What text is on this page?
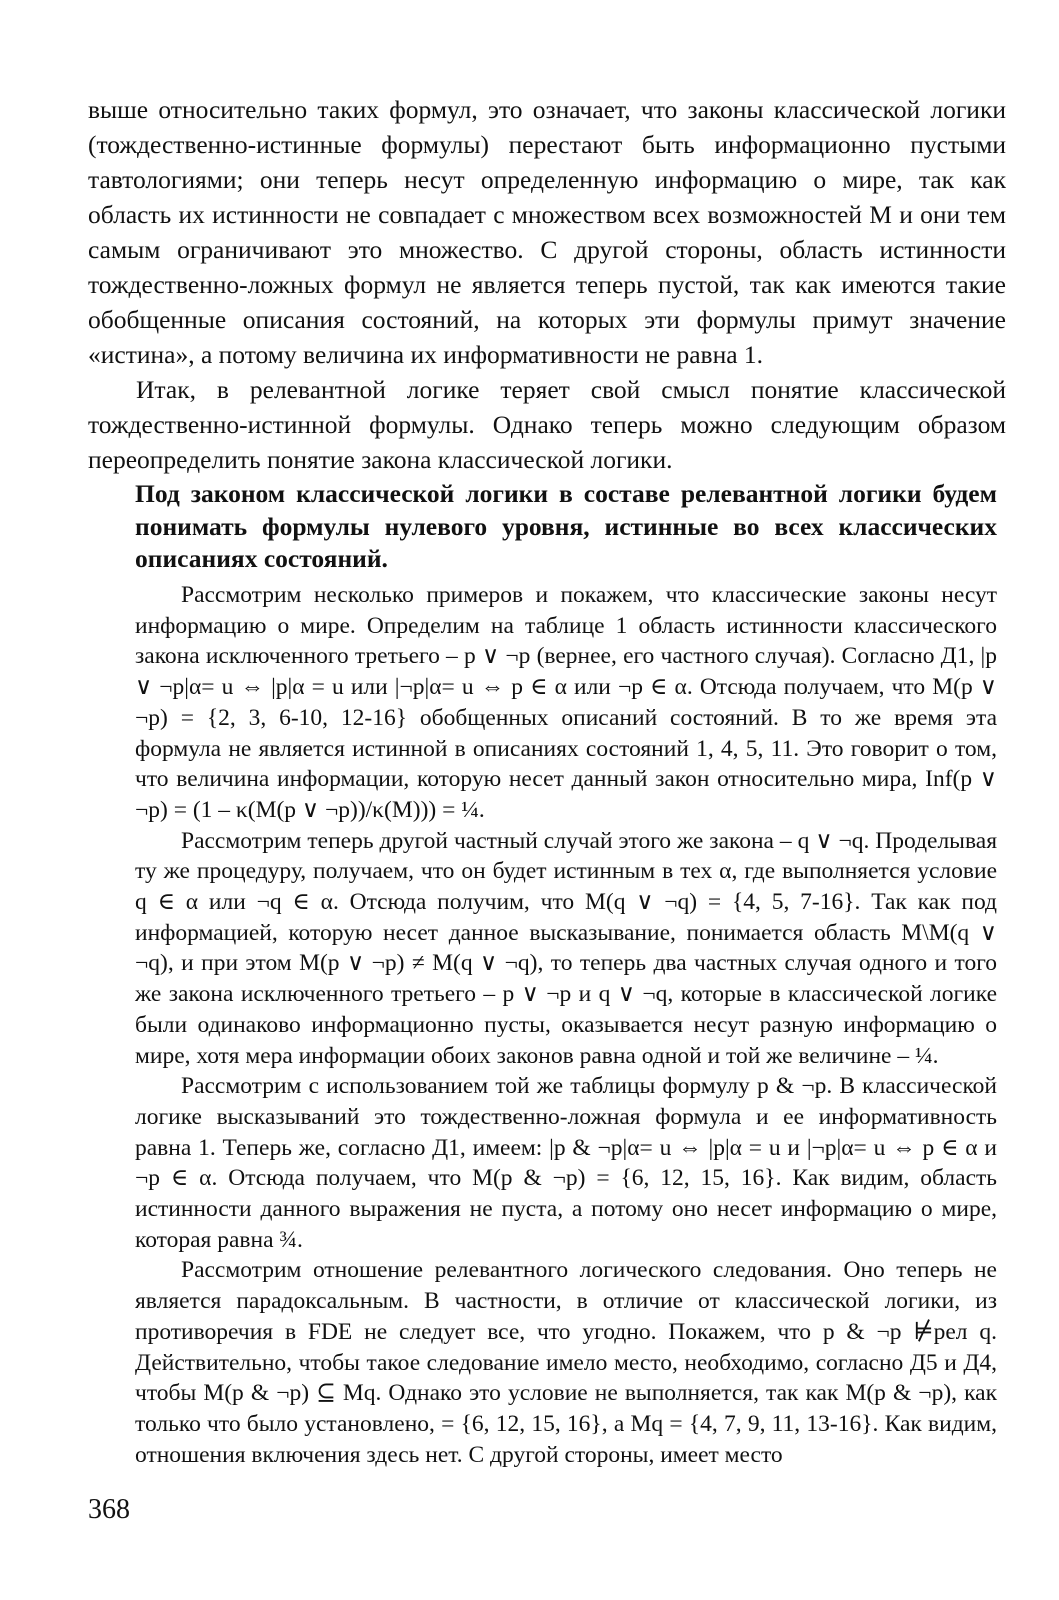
выше относительно таких формул, это означает, что законы классической логики (тождественно-истинные формулы) перестают быть информационно пустыми тавтологиями; они теперь несут определенную информацию о мире, так как область их истинности не совпадает с множеством всех возможностей М и они тем самым ограничивают это множество. С другой стороны, область истинности тождественно-ложных формул не является теперь пустой, так как имеются такие обобщенные описания состояний, на которых эти формулы примут значение «истина», а потому величина их информативности не равна 1.

Итак, в релевантной логике теряет свой смысл понятие классической тождественно-истинной формулы. Однако теперь можно следующим образом переопределить понятие закона классической логики.

Под законом классической логики в составе релевантной логики будем понимать формулы нулевого уровня, истинные во всех классических описаниях состояний.

Рассмотрим несколько примеров и покажем, что классические законы несут информацию о мире. Определим на таблице 1 область истинности классического закона исключенного третьего – p ∨ ¬p (вернее, его частного случая). Согласно Д1, |p ∨ ¬p|α= u ⇔ |p|α = u или |¬p|α= u ⇔ p ∈ α или ¬p ∈ α. Отсюда получаем, что M(p ∨ ¬p) = {2, 3, 6-10, 12-16} обобщенных описаний состояний. В то же время эта формула не является истинной в описаниях состояний 1, 4, 5, 11. Это говорит о том, что величина информации, которую несет данный закон относительно мира, Inf(p ∨ ¬p) = (1 – κ(M(p ∨ ¬p))/κ(M))) = ¼.

Рассмотрим теперь другой частный случай этого же закона – q ∨ ¬q. Проделывая ту же процедуру, получаем, что он будет истинным в тех α, где выполняется условие q ∈ α или ¬q ∈ α. Отсюда получим, что M(q ∨ ¬q) = {4, 5, 7-16}. Так как под информацией, которую несет данное высказывание, понимается область M\M(q ∨ ¬q), и при этом M(p ∨ ¬p) ≠ M(q ∨ ¬q), то теперь два частных случая одного и того же закона исключенного третьего – p ∨ ¬p и q ∨ ¬q, которые в классической логике были одинаково информационно пусты, оказывается несут разную информацию о мире, хотя мера информации обоих законов равна одной и той же величине – ¼.

Рассмотрим с использованием той же таблицы формулу p & ¬p. В классической логике высказываний это тождественно-ложная формула и ее информативность равна 1. Теперь же, согласно Д1, имеем: |p & ¬p|α= u ⇔ |p|α = u и |¬p|α= u ⇔ p ∈ α и ¬p ∈ α. Отсюда получаем, что M(p & ¬p) = {6, 12, 15, 16}. Как видим, область истинности данного выражения не пуста, а потому оно несет информацию о мире, которая равна ¾.

Рассмотрим отношение релевантного логического следования. Оно теперь не является парадоксальным. В частности, в отличие от классической логики, из противоречия в FDE не следует все, что угодно. Покажем, что p & ¬p ⊭рел q. Действительно, чтобы такое следование имело место, необходимо, согласно Д5 и Д4, чтобы M(p & ¬p) ⊆ Mq. Однако это условие не выполняется, так как M(p & ¬p), как только что было установлено, = {6, 12, 15, 16}, а Mq = {4, 7, 9, 11, 13-16}. Как видим, отношения включения здесь нет. С другой стороны, имеет место

368
